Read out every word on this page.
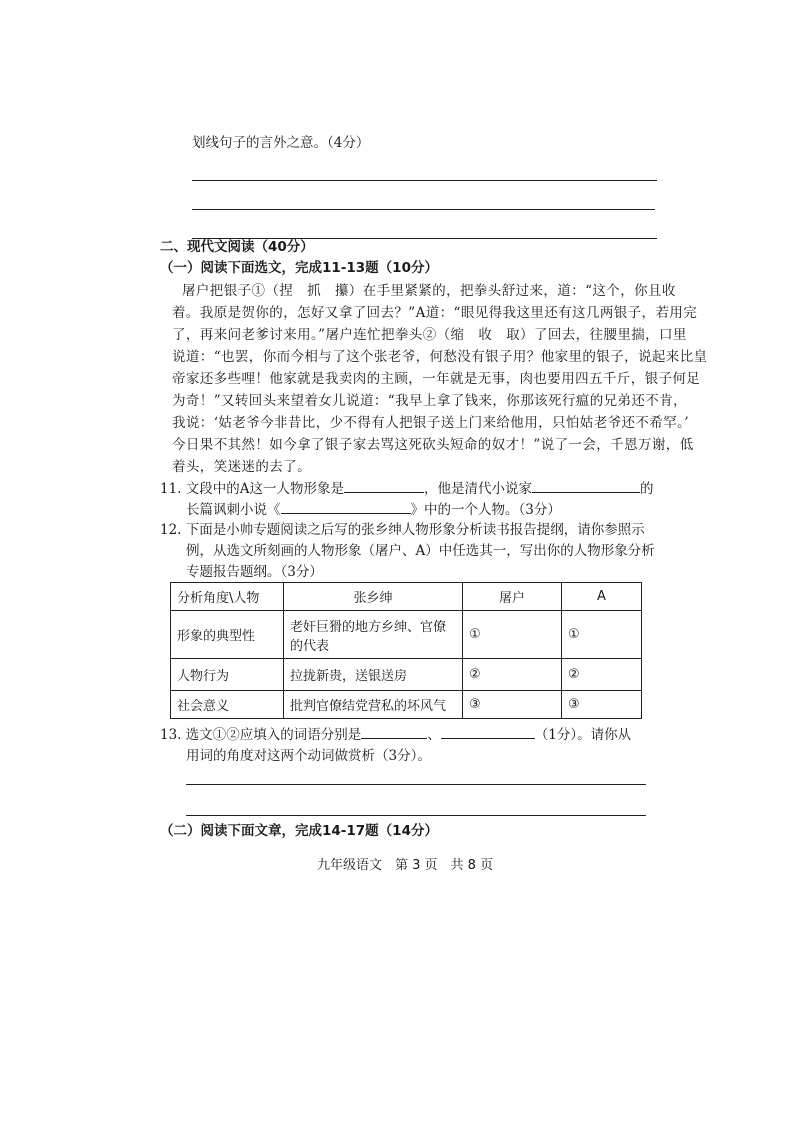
划线句子的言外之意。（4分）
二、现代文阅读（40分）
（一）阅读下面选文，完成11-13题（10分）
屠户把银子①（捏　抓　攥）在手里紧紧的，把拳头舒过来，道：“这个，你且收
着。我原是贺你的，怎好又拿了回去？”A道：“眼见得我这里还有这几两银子，若用完
了，再来问老爹讨来用。”屠户连忙把拳头②（缩　收　取）了回去，往腰里揣，口里
说道：“也罢，你而今相与了这个张老爷，何愁没有银子用？他家里的银子，说起来比皇
帝家还多些哩！他家就是我卖肉的主顾，一年就是无事，肉也要用四五千斤，银子何足
为奇！”又转回头来望着女儿说道：“我早上拿了钱来，你那该死行瘟的兄弟还不肯，
我说：‘姑老爷今非昔比，少不得有人把银子送上门来给他用，只怕姑老爷还不希罕。’
今日果不其然！如今拿了银子家去骂这死砍头短命的奴才！”说了一会，千恩万谢，低
着头，笑迷迷的去了。
11. 文段中的A这一人物形象是	，他是清代小说家	的
长篇讽刺小说《	》中的一个人物。（3分）
12. 下面是小帅专题阅读之后写的张乡绅人物形象分析读书报告提纲，请你参照示
例，从选文所刻画的人物形象（屠户、A）中任选其一，写出你的人物形象分析
专题报告题纲。（3分）
分析角度\人物	张乡绅	屠户	A
形象的典型性	老奸巨猾的地方乡绅、官僚
的代表	①	①
人物行为	拉拢新贵，送银送房	②	②
社会意义	批判官僚结党营私的坏风气	③	③
13. 选文①②应填入的词语分别是	、	（1分）。请你从
用词的角度对这两个动词做赏析（3分）。
（二）阅读下面文章，完成14-17题（14分）
九年级语文　第 3 页　共 8 页
